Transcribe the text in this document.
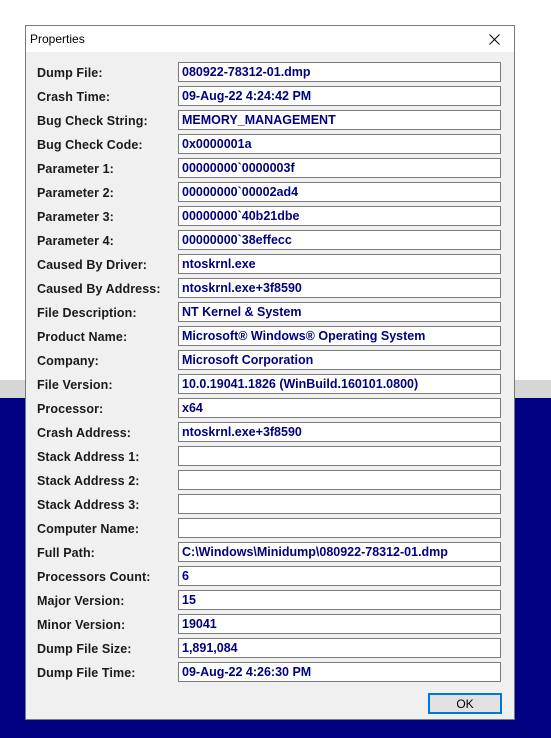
Properties
Dump File:	080922-78312-01.dmp
Crash Time:	09-Aug-22 4:24:42 PM
Bug Check String:	MEMORY_MANAGEMENT
Bug Check Code:	0x0000001a
Parameter 1:	00000000`0000003f
Parameter 2:	00000000`00002ad4
Parameter 3:	00000000`40b21dbe
Parameter 4:	00000000`38effecc
Caused By Driver:	ntoskrnl.exe
Caused By Address:	ntoskrnl.exe+3f8590
File Description:	NT Kernel & System
Product Name:	Microsoft® Windows® Operating System
Company:	Microsoft Corporation
File Version:	10.0.19041.1826 (WinBuild.160101.0800)
Processor:	x64
Crash Address:	ntoskrnl.exe+3f8590
Stack Address 1:
Stack Address 2:
Stack Address 3:
Computer Name:
Full Path:	C:\Windows\Minidump\080922-78312-01.dmp
Processors Count:	6
Major Version:	15
Minor Version:	19041
Dump File Size:	1,891,084
Dump File Time:	09-Aug-22 4:26:30 PM
OK
